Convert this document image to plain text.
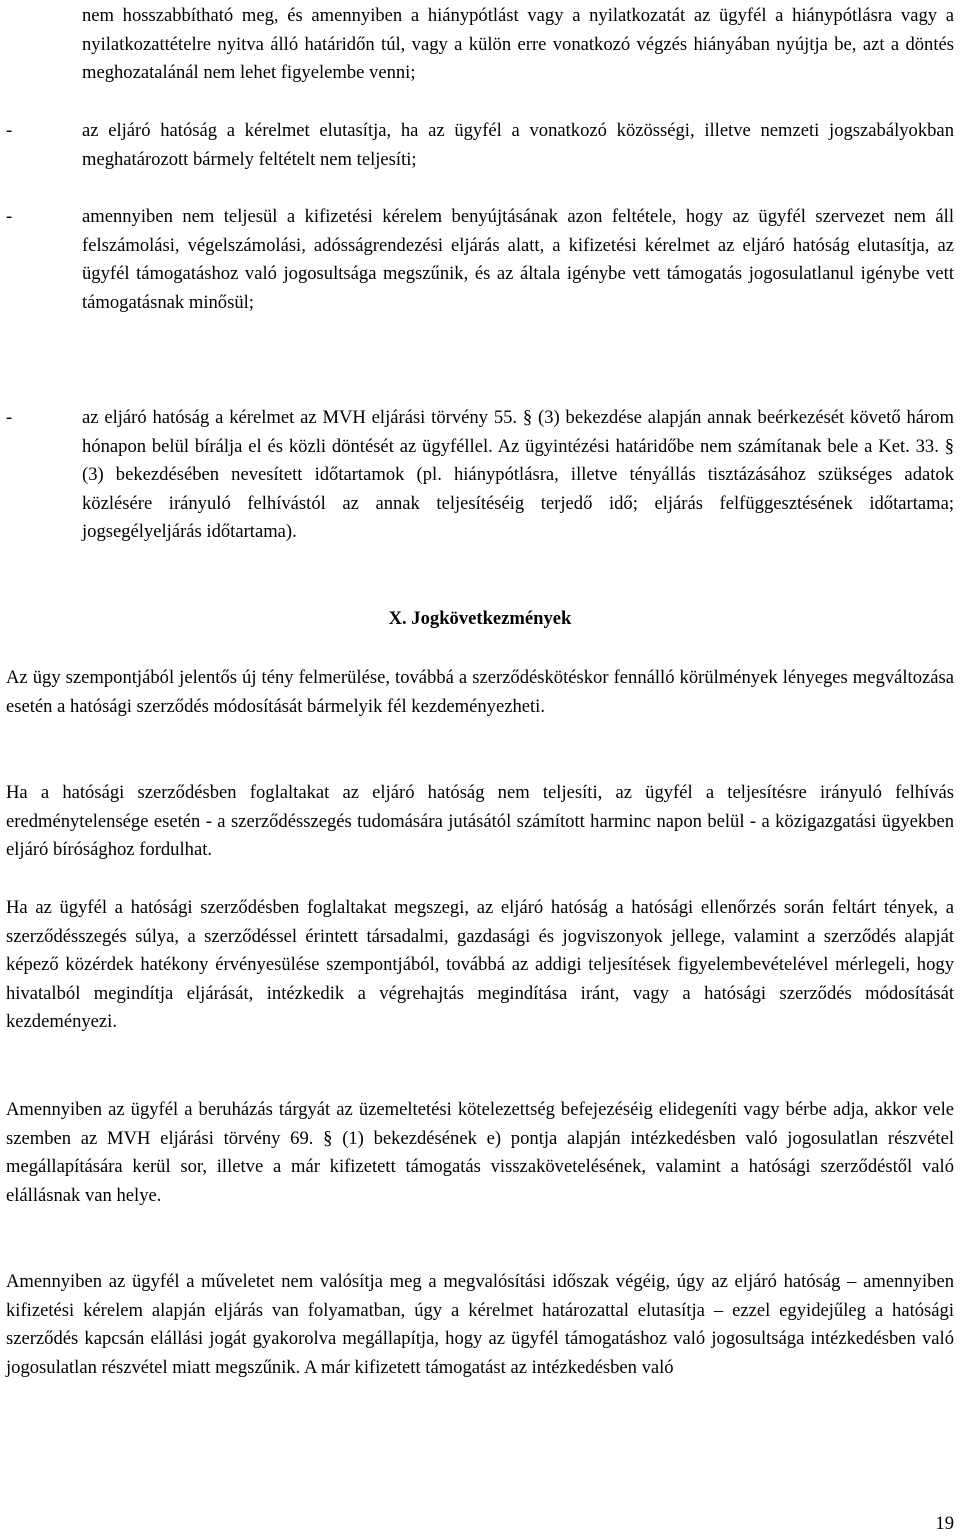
nem hosszabbítható meg, és amennyiben a hiánypótlást vagy a nyilatkozatát az ügyfél a hiánypótlásra vagy a nyilatkozattételre nyitva álló határidőn túl, vagy a külön erre vonatkozó végzés hiányában nyújtja be, azt a döntés meghozatalánál nem lehet figyelembe venni;

-	az eljáró hatóság a kérelmet elutasítja, ha az ügyfél a vonatkozó közösségi, illetve nemzeti jogszabályokban meghatározott bármely feltételt nem teljesíti;

-	amennyiben nem teljesül a kifizetési kérelem benyújtásának azon feltétele, hogy az ügyfél szervezet nem áll felszámolási, végelszámolási, adósságrendezési eljárás alatt, a kifizetési kérelmet az eljáró hatóság elutasítja, az ügyfél támogatáshoz való jogosultsága megszűnik, és az általa igénybe vett támogatás jogosulatlanul igénybe vett támogatásnak minősül;

-	az eljáró hatóság a kérelmet az MVH eljárási törvény 55. § (3) bekezdése alapján annak beérkezését követő három hónapon belül bírálja el és közli döntését az ügyféllel. Az ügyintézési határidőbe nem számítanak bele a Ket. 33. § (3) bekezdésében nevesített időtartamok (pl. hiánypótlásra, illetve tényállás tisztázásához szükséges adatok közlésére irányuló felhívástól az annak teljesítéséig terjedő idő; eljárás felfüggesztésének időtartama; jogsegélyeljárás időtartama).

X. Jogkövetkezmények

Az ügy szempontjából jelentős új tény felmerülése, továbbá a szerződéskötéskor fennálló körülmények lényeges megváltozása esetén a hatósági szerződés módosítását bármelyik fél kezdeményezheti.

Ha a hatósági szerződésben foglaltakat az eljáró hatóság nem teljesíti, az ügyfél a teljesítésre irányuló felhívás eredménytelensége esetén - a szerződésszegés tudomására jutásától számított harminc napon belül - a közigazgatási ügyekben eljáró bírósághoz fordulhat.

Ha az ügyfél a hatósági szerződésben foglaltakat megszegi, az eljáró hatóság a hatósági ellenőrzés során feltárt tények, a szerződésszegés súlya, a szerződéssel érintett társadalmi, gazdasági és jogviszonyok jellege, valamint a szerződés alapját képező közérdek hatékony érvényesülése szempontjából, továbbá az addigi teljesítések figyelembevételével mérlegeli, hogy hivatalból megindítja eljárását, intézkedik a végrehajtás megindítása iránt, vagy a hatósági szerződés módosítását kezdeményezi.

Amennyiben az ügyfél a beruházás tárgyát az üzemeltetési kötelezettség befejezéséig elidegeníti vagy bérbe adja, akkor vele szemben az MVH eljárási törvény 69. § (1) bekezdésének e) pontja alapján intézkedésben való jogosulatlan részvétel megállapítására kerül sor, illetve a már kifizetett támogatás visszakövetelésének, valamint a hatósági szerződéstől való elállásnak van helye.

Amennyiben az ügyfél a műveletet nem valósítja meg a megvalósítási időszak végéig, úgy az eljáró hatóság – amennyiben kifizetési kérelem alapján eljárás van folyamatban, úgy a kérelmet határozattal elutasítja – ezzel egyidejűleg a hatósági szerződés kapcsán elállási jogát gyakorolva megállapítja, hogy az ügyfél támogatáshoz való jogosultsága intézkedésben való jogosulatlan részvétel miatt megszűnik. A már kifizetett támogatást az intézkedésben való

19
